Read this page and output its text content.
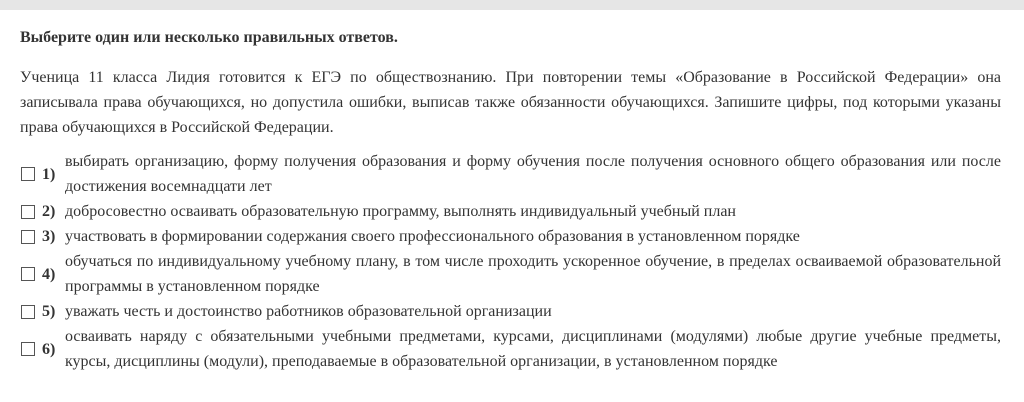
Выберите один или несколько правильных ответов.

Ученица 11 класса Лидия готовится к ЕГЭ по обществознанию. При повторении темы «Образование в Российской Федерации» она записывала права обучающихся, но допустила ошибки, выписав также обязанности обучающихся. Запишите цифры, под которыми указаны права обучающихся в Российской Федерации.

1)
выбирать организацию, форму получения образования и форму обучения после получения основного общего образования или после достижения восемнадцати лет
2) добросовестно осваивать образовательную программу, выполнять индивидуальный учебный план
3) участвовать в формировании содержания своего профессионального образования в установленном порядке
4)
обучаться по индивидуальному учебному плану, в том числе проходить ускоренное обучение, в пределах осваиваемой образовательной программы в установленном порядке
5) уважать честь и достоинство работников образовательной организации
6)
осваивать наряду с обязательными учебными предметами, курсами, дисциплинами (модулями) любые другие учебные предметы, курсы, дисциплины (модули), преподаваемые в образовательной организации, в установленном порядке
